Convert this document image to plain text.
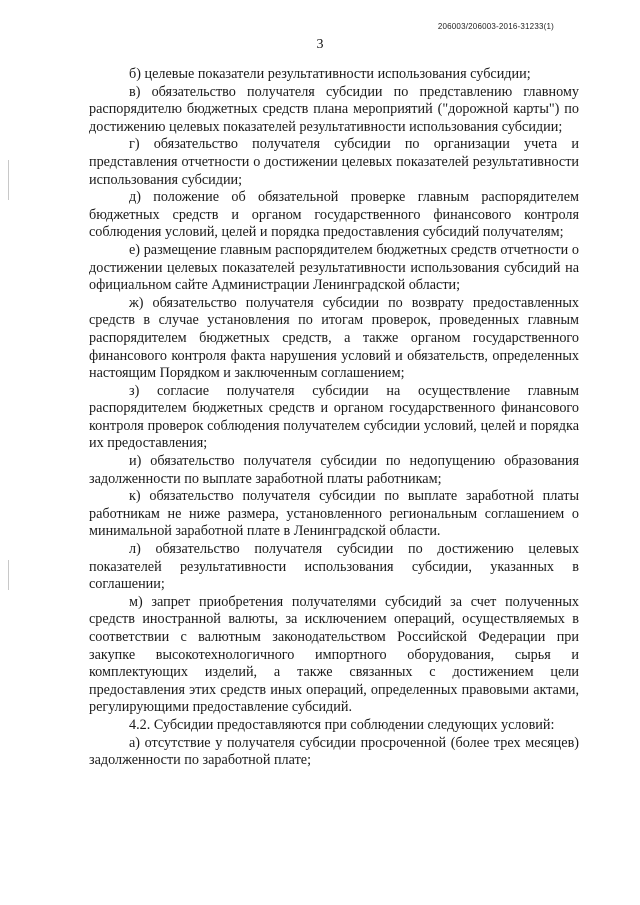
206003/206003-2016-31233(1)
3

б) целевые показатели результативности использования субсидии;

в) обязательство получателя субсидии по представлению главному распорядителю бюджетных средств плана мероприятий ("дорожной карты") по достижению целевых показателей результативности использования субсидии;

г) обязательство получателя субсидии по организации учета и представления отчетности о достижении целевых показателей результативности использования субсидии;

д) положение об обязательной проверке главным распорядителем бюджетных средств и органом государственного финансового контроля соблюдения условий, целей и порядка предоставления субсидий получателям;

е) размещение главным распорядителем бюджетных средств отчетности о достижении целевых показателей результативности использования субсидий на официальном сайте Администрации Ленинградской области;

ж) обязательство получателя субсидии по возврату предоставленных средств в случае установления по итогам проверок, проведенных главным распорядителем бюджетных средств, а также органом государственного финансового контроля факта нарушения условий и обязательств, определенных настоящим Порядком и заключенным соглашением;

з) согласие получателя субсидии на осуществление главным распорядителем бюджетных средств и органом государственного финансового контроля проверок соблюдения получателем субсидии условий, целей и порядка их предоставления;

и) обязательство получателя субсидии по недопущению образования задолженности по выплате заработной платы работникам;

к) обязательство получателя субсидии по выплате заработной платы работникам не ниже размера, установленного региональным соглашением о минимальной заработной плате в Ленинградской области.

л) обязательство получателя субсидии по достижению целевых показателей результативности использования субсидии, указанных в соглашении;

м) запрет приобретения получателями субсидий за счет полученных средств иностранной валюты, за исключением операций, осуществляемых в соответствии с валютным законодательством Российской Федерации при закупке высокотехнологичного импортного оборудования, сырья и комплектующих изделий, а также связанных с достижением цели предоставления этих средств иных операций, определенных правовыми актами, регулирующими предоставление субсидий.

4.2. Субсидии предоставляются при соблюдении следующих условий:

а) отсутствие у получателя субсидии просроченной (более трех месяцев) задолженности по заработной плате;
